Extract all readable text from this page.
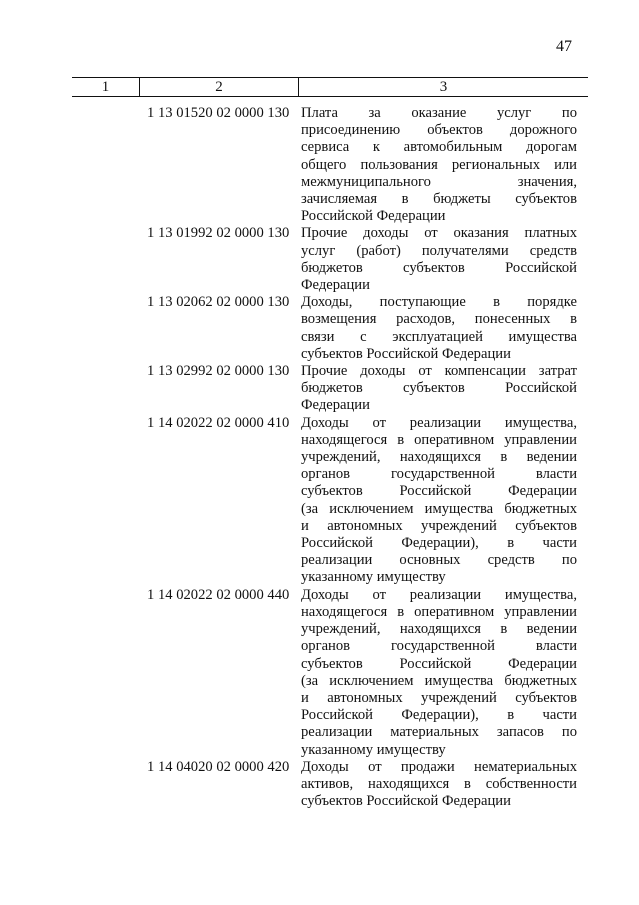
47
1	2	3
1 13 01520 02 0000 130 Плата за оказание услуг по
присоединению объектов дорожного
сервиса к автомобильным дорогам
общего пользования региональных или
межмуниципального значения,
зачисляемая в бюджеты субъектов
Российской Федерации
1 13 01992 02 0000 130 Прочие доходы от оказания платных
услуг (работ) получателями средств
бюджетов субъектов Российской
Федерации
1 13 02062 02 0000 130 Доходы, поступающие в порядке
возмещения расходов, понесенных в
связи с эксплуатацией имущества
субъектов Российской Федерации
1 13 02992 02 0000 130 Прочие доходы от компенсации затрат
бюджетов субъектов Российской
Федерации
1 14 02022 02 0000 410 Доходы от реализации имущества,
находящегося в оперативном управлении
учреждений, находящихся в ведении
органов государственной власти
субъектов Российской Федерации
(за исключением имущества бюджетных
и автономных учреждений субъектов
Российской Федерации), в части
реализации основных средств по
указанному имуществу
1 14 02022 02 0000 440 Доходы от реализации имущества,
находящегося в оперативном управлении
учреждений, находящихся в ведении
органов государственной власти
субъектов Российской Федерации
(за исключением имущества бюджетных
и автономных учреждений субъектов
Российской Федерации), в части
реализации материальных запасов по
указанному имуществу
1 14 04020 02 0000 420 Доходы от продажи нематериальных
активов, находящихся в собственности
субъектов Российской Федерации
